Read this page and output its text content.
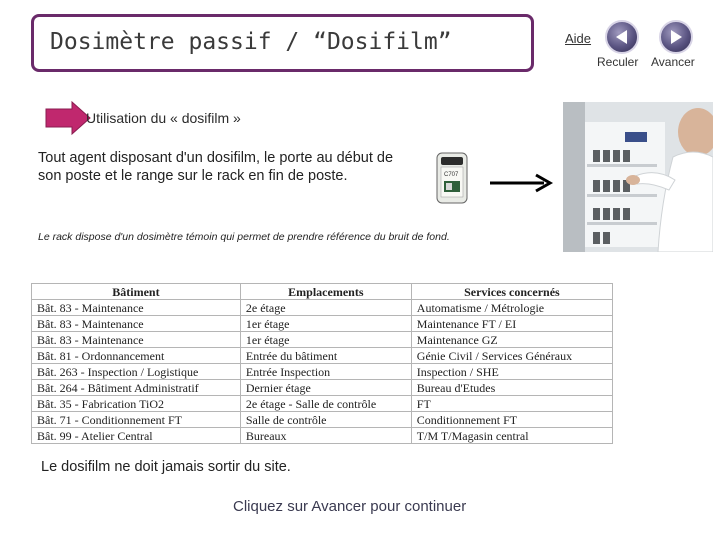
Dosimètre passif / “Dosifilm”	Aide
Reculer Avancer
Utilisation du « dosifilm »
Tout agent disposant d'un dosifilm, le porte au début de son poste et le range sur le rack en fin de poste.	C707
Le rack dispose d'un dosimètre témoin qui permet de prendre référence du bruit de fond.
Bâtiment	Emplacements	Services concernés
Bât. 83 - Maintenance	2e étage	Automatisme / Métrologie
Bât. 83 - Maintenance	1er étage	Maintenance FT / EI
Bât. 83 - Maintenance	1er étage	Maintenance GZ
Bât. 81 - Ordonnancement	Entrée du bâtiment	Génie Civil / Services Généraux
Bât. 263 - Inspection / Logistique	Entrée Inspection	Inspection / SHE
Bât. 264 - Bâtiment Administratif	Dernier étage	Bureau d'Etudes
Bât. 35 - Fabrication TiO2	2e étage - Salle de contrôle	FT
Bât. 71 - Conditionnement FT	Salle de contrôle	Conditionnement FT
Bât. 99 - Atelier Central	Bureaux	T/M T/Magasin central
Le dosifilm ne doit jamais sortir du site.
Cliquez sur Avancer pour continuer
